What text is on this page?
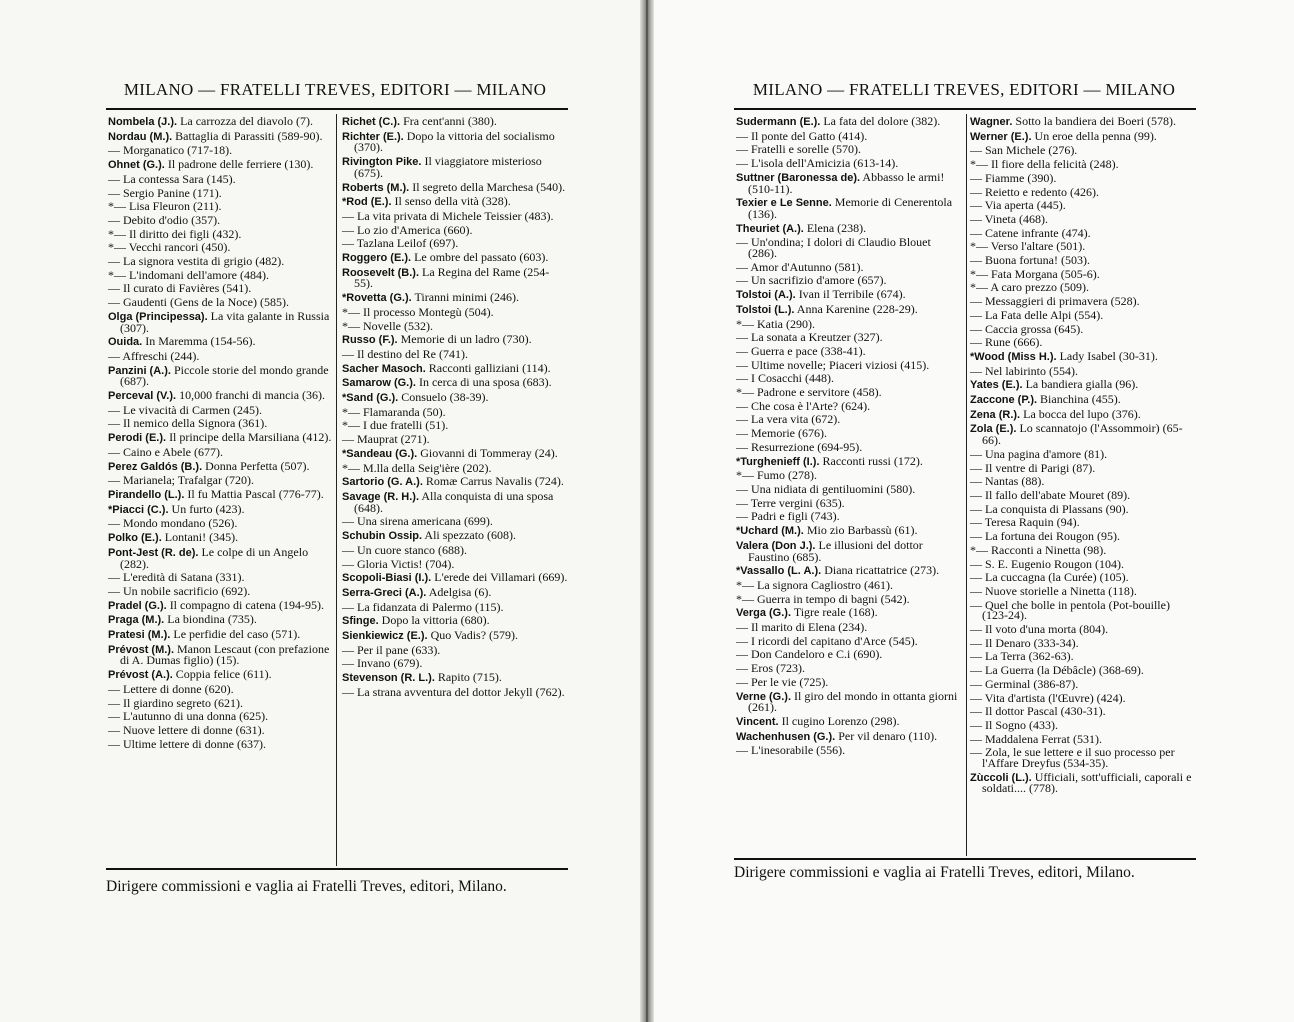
MILANO — FRATELLI TREVES, EDITORI — MILANO
Nombela (J.). La carrozza del diavolo (7).
Nordau (M.). Battaglia di Parassiti (589-90).
— Morganatico (717-18).
Ohnet (G.). Il padrone delle ferriere (130).
— La contessa Sara (145).
— Sergio Panine (171).
*— Lisa Fleuron (211).
— Debito d'odio (357).
*— Il diritto dei figli (432).
*— Vecchi rancori (450).
— La signora vestita di grigio (482).
*— L'indomani dell'amore (484).
— Il curato di Favières (541).
— Gaudenti (Gens de la Noce) (585).
Olga (Principessa). La vita galante in Russia (307).
Ouida. In Maremma (154-56).
— Affreschi (244).
Panzini (A.). Piccole storie del mondo grande (687).
Perceval (V.). 10,000 franchi di mancia (36).
— Le vivacità di Carmen (245).
— Il nemico della Signora (361).
Perodi (E.). Il principe della Marsiliana (412).
— Caino e Abele (677).
Perez Galdós (B.). Donna Perfetta (507).
— Marianela; Trafalgar (720).
Pirandello (L.). Il fu Mattia Pascal (776-77).
*Piacci (C.). Un furto (423).
— Mondo mondano (526).
Polko (E.). Lontani! (345).
Pont-Jest (R. de). Le colpe di un Angelo (282).
— L'eredità di Satana (331).
— Un nobile sacrificio (692).
Pradel (G.). Il compagno di catena (194-95).
Praga (M.). La biondina (735).
Pratesi (M.). Le perfidie del caso (571).
Prévost (M.). Manon Lescaut (con prefazione di A. Dumas figlio) (15).
Prévost (A.). Coppia felice (611).
— Lettere di donne (620).
— Il giardino segreto (621).
— L'autunno di una donna (625).
— Nuove lettere di donne (631).
— Ultime lettere di donne (637).
Richet (C.). Fra cent'anni (380).
Richter (E.). Dopo la vittoria del socialismo (370).
Rivington Pike. Il viaggiatore misterioso (675).
Roberts (M.). Il segreto della Marchesa (540).
*Rod (E.). Il senso della vità (328).
— La vita privata di Michele Teissier (483).
— Lo zio d'America (660).
— Tazlana Leilof (697).
Roggero (E.). Le ombre del passato (603).
Roosevelt (B.). La Regina del Rame (254-55).
*Rovetta (G.). Tiranni minimi (246).
*— Il processo Montegù (504).
*— Novelle (532).
Russo (F.). Memorie di un ladro (730).
— Il destino del Re (741).
Sacher Masoch. Racconti galliziani (114).
Samarow (G.). In cerca di una sposa (683).
*Sand (G.). Consuelo (38-39).
*— Flamaranda (50).
*— I due fratelli (51).
— Mauprat (271).
*Sandeau (G.). Giovanni di Tommeray (24).
*— M.lla della Seig'ière (202).
Sartorio (G. A.). Romæ Carrus Navalis (724).
Savage (R. H.). Alla conquista di una sposa (648).
— Una sirena americana (699).
Schubin Ossip. Ali spezzato (608).
— Un cuore stanco (688).
— Gloria Victis! (704).
Scopoli-Biasi (I.). L'erede dei Villamari (669).
Serra-Greci (A.). Adelgisa (6).
— La fidanzata di Palermo (115).
Sfinge. Dopo la vittoria (680).
Sienkiewicz (E.). Quo Vadis? (579).
— Per il pane (633).
— Invano (679).
Stevenson (R. L.). Rapito (715).
— La strana avventura del dottor Jekyll (762).
Dirigere commissioni e vaglia ai Fratelli Treves, editori, Milano.
MILANO — FRATELLI TREVES, EDITORI — MILANO
Sudermann (E.). La fata del dolore (382).
— Il ponte del Gatto (414).
— Fratelli e sorelle (570).
— L'isola dell'Amicizia (613-14).
Suttner (Baronessa de). Abbasso le armi! (510-11).
Texier e Le Senne. Memorie di Cenerentola (136).
Theuriet (A.). Elena (238).
— Un'ondina; I dolori di Claudio Blouet (286).
— Amor d'Autunno (581).
— Un sacrifizio d'amore (657).
Tolstoi (A.). Ivan il Terribile (674).
Tolstoi (L.). Anna Karenine (228-29).
*— Katia (290).
— La sonata a Kreutzer (327).
— Guerra e pace (338-41).
— Ultime novelle; Piaceri viziosi (415).
— I Cosacchi (448).
*— Padrone e servitore (458).
— Che cosa è l'Arte? (624).
— La vera vita (672).
— Memorie (676).
— Resurrezione (694-95).
*Turghenieff (I.). Racconti russi (172).
*— Fumo (278).
— Una nidiata di gentiluomini (580).
— Terre vergini (635).
— Padri e figli (743).
*Uchard (M.). Mio zio Barbassù (61).
Valera (Don J.). Le illusioni del dottor Faustino (685).
*Vassallo (L. A.). Diana ricattatrice (273).
*— La signora Cagliostro (461).
*— Guerra in tempo di bagni (542).
Verga (G.). Tigre reale (168).
— Il marito di Elena (234).
— I ricordi del capitano d'Arce (545).
— Don Candeloro e C.i (690).
— Eros (723).
— Per le vie (725).
Verne (G.). Il giro del mondo in ottanta giorni (261).
Vincent. Il cugino Lorenzo (298).
Wachenhusen (G.). Per vil denaro (110).
— L'inesorabile (556).
Wagner. Sotto la bandiera dei Boeri (578).
Werner (E.). Un eroe della penna (99).
— San Michele (276).
*— Il fiore della felicità (248).
— Fiamme (390).
— Reietto e redento (426).
— Via aperta (445).
— Vineta (468).
— Catene infrante (474).
*— Verso l'altare (501).
— Buona fortuna! (503).
*— Fata Morgana (505-6).
*— A caro prezzo (509).
— Messaggieri di primavera (528).
— La Fata delle Alpi (554).
— Caccia grossa (645).
— Rune (666).
*Wood (Miss H.). Lady Isabel (30-31).
— Nel labirinto (554).
Yates (E.). La bandiera gialla (96).
Zaccone (P.). Bianchina (455).
Zena (R.). La bocca del lupo (376).
Zola (E.). Lo scannatojo (l'Assommoir) (65-66).
— Una pagina d'amore (81).
— Il ventre di Parigi (87).
— Nantas (88).
— Il fallo dell'abate Mouret (89).
— La conquista di Plassans (90).
— Teresa Raquin (94).
— La fortuna dei Rougon (95).
*— Racconti a Ninetta (98).
— S. E. Eugenio Rougon (104).
— La cuccagna (la Curée) (105).
— Nuove storielle a Ninetta (118).
— Quel che bolle in pentola (Pot-bouille) (123-24).
— Il voto d'una morta (804).
— Il Denaro (333-34).
— La Terra (362-63).
— La Guerra (la Débâcle) (368-69).
— Germinal (386-87).
— Vita d'artista (l'Œuvre) (424).
— Il dottor Pascal (430-31).
— Il Sogno (433).
— Maddalena Ferrat (531).
— Zola, le sue lettere e il suo processo per l'Affare Dreyfus (534-35).
Zùccoli (L.). Ufficiali, sott'ufficiali, caporali e soldati.... (778).
Dirigere commissioni e vaglia ai Fratelli Treves, editori, Milano.
